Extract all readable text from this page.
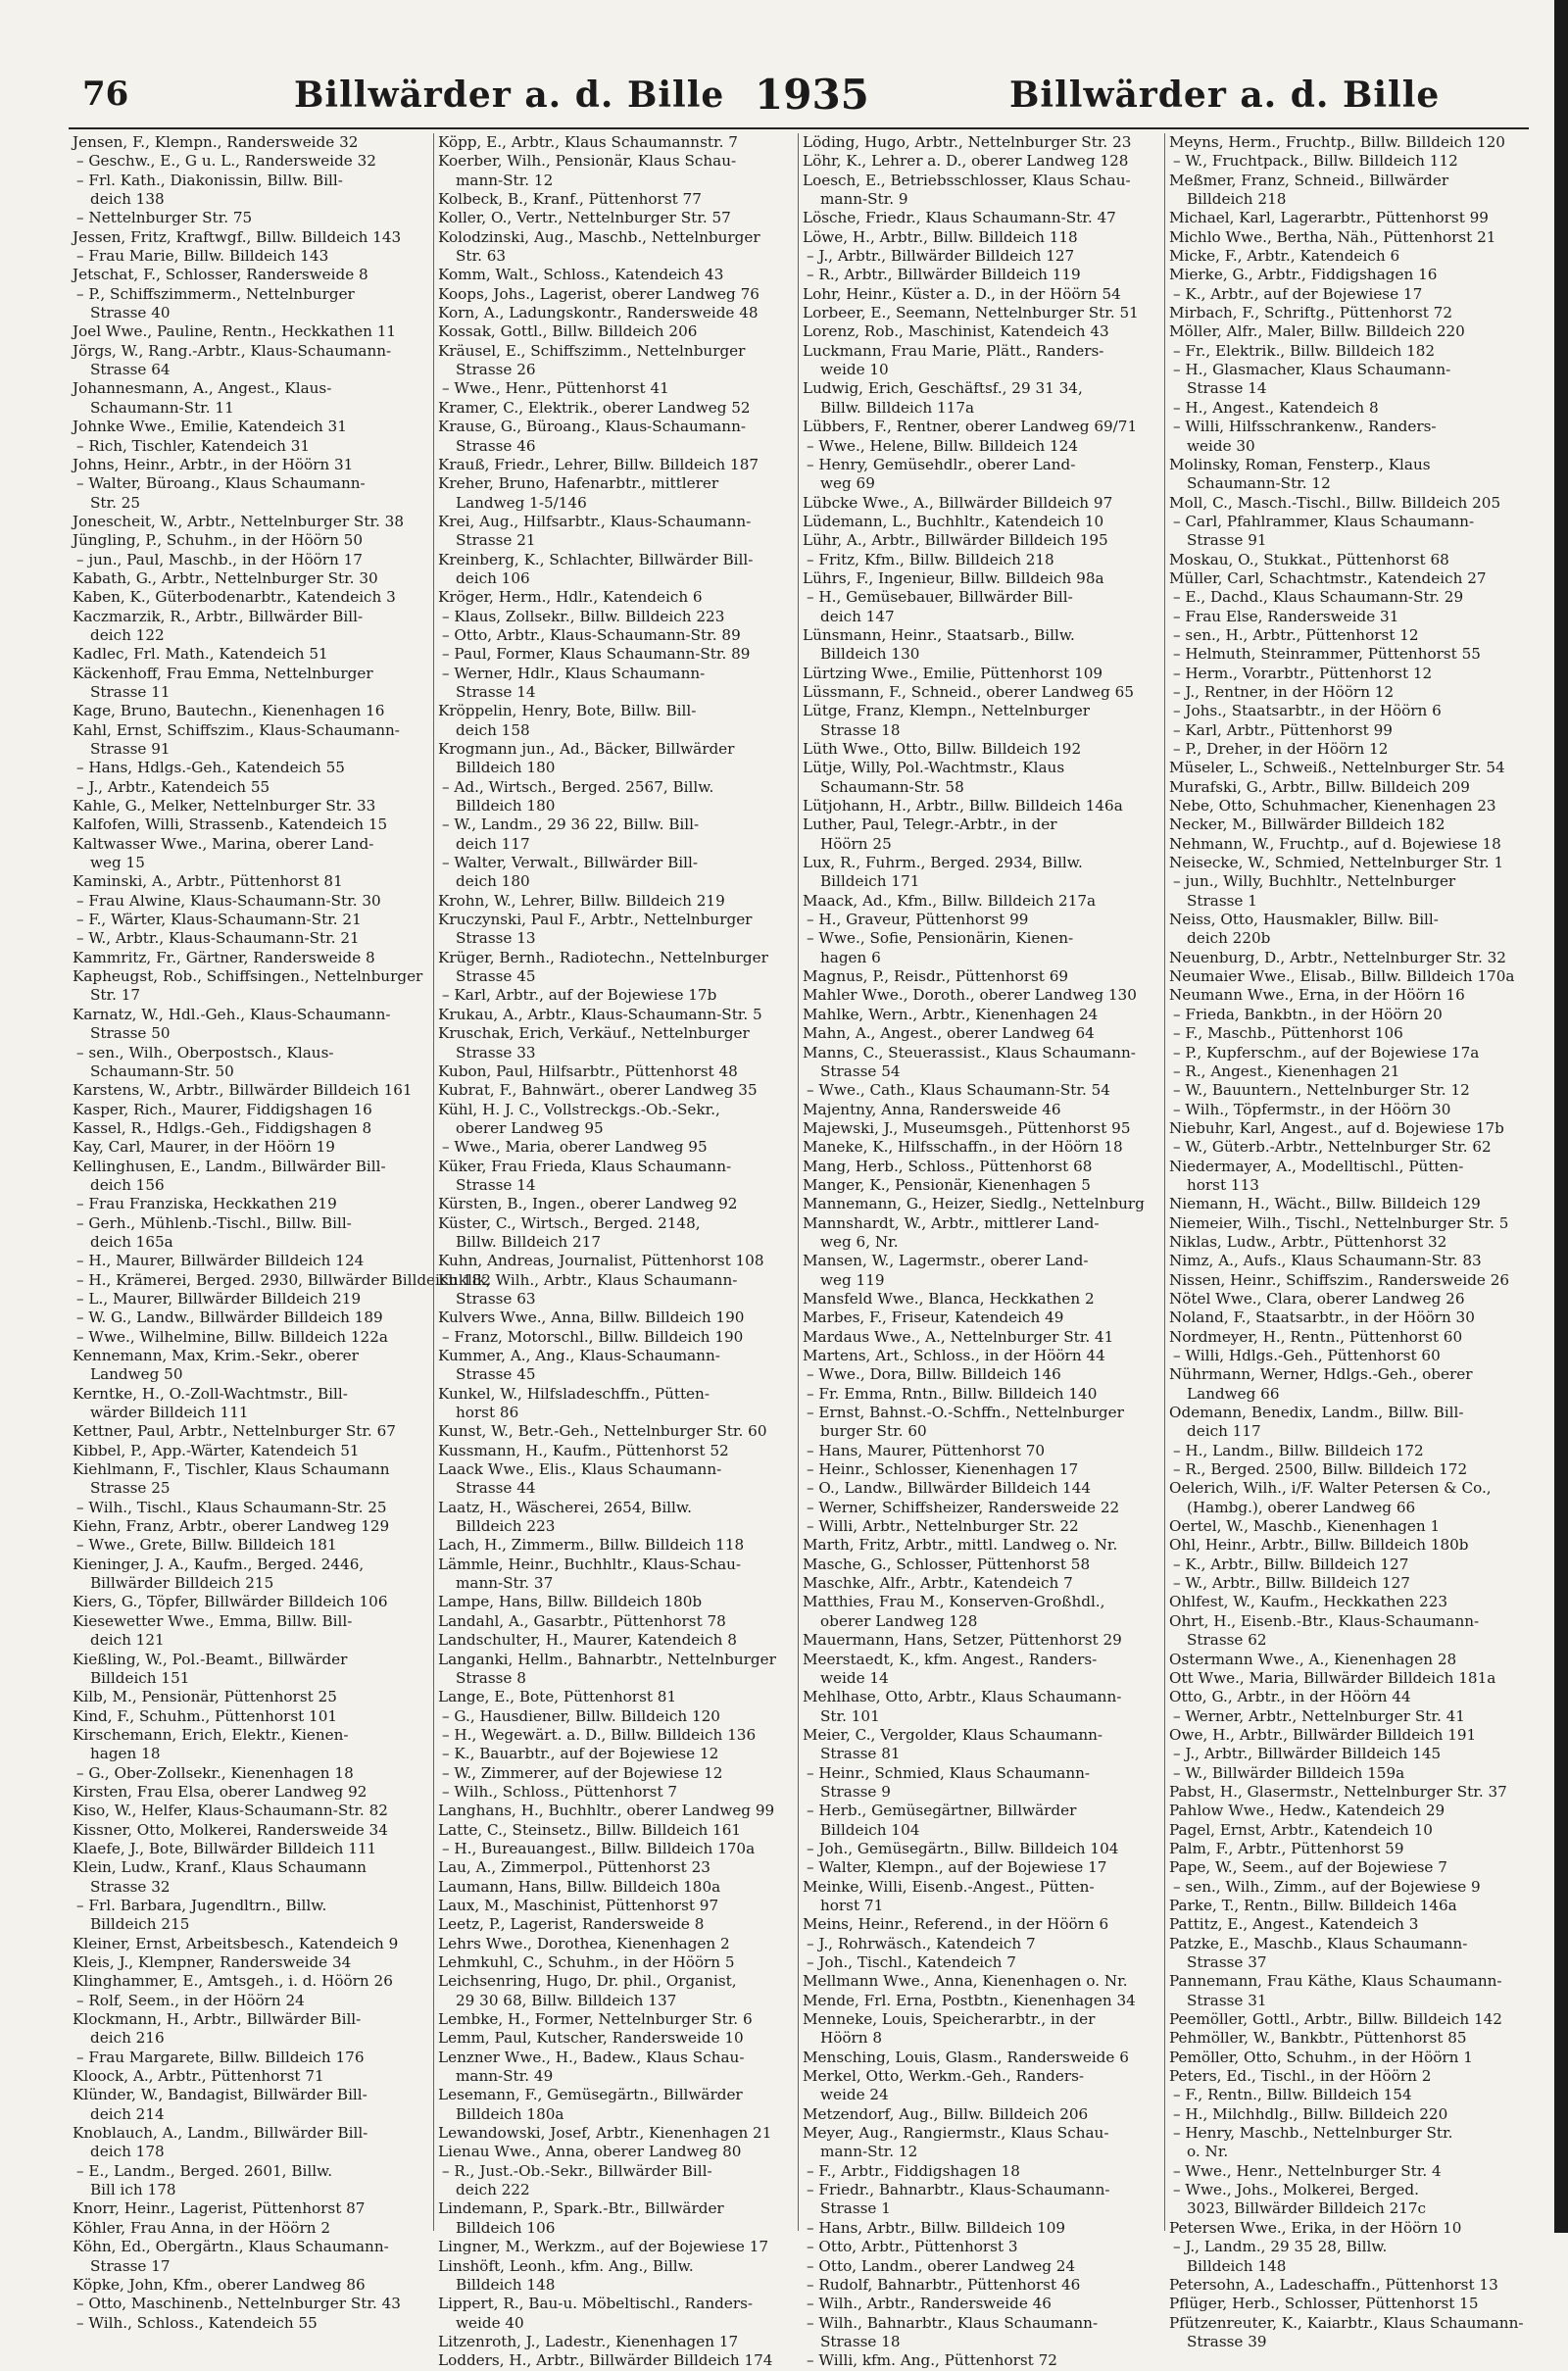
76	Billwärder a. d. Bille 1935	Billwärder a. d. Bille
Jensen, F., Klempn., Randersweide 32
– Geschw., E., G u. L., Randersweide 32
– Frl. Kath., Diakonissin, Billw. Bill-
deich 138
– Nettelnburger Str. 75
Jessen, Fritz, Kraftwgf., Billw. Billdeich 143
– Frau Marie, Billw. Billdeich 143
Jetschat, F., Schlosser, Randersweide 8
– P., Schiffszimmerm., Nettelnburger
Strasse 40
Joel Wwe., Pauline, Rentn., Heckkathen 11
Jörgs, W., Rang.-Arbtr., Klaus-Schaumann-
Strasse 64
Johannesmann, A., Angest., Klaus-
Schaumann-Str. 11
Johnke Wwe., Emilie, Katendeich 31
– Rich, Tischler, Katendeich 31
Johns, Heinr., Arbtr., in der Höörn 31
– Walter, Büroang., Klaus Schaumann-
Str. 25
Jonescheit, W., Arbtr., Nettelnburger Str. 38
Jüngling, P., Schuhm., in der Höörn 50
– jun., Paul, Maschb., in der Höörn 17
Kabath, G., Arbtr., Nettelnburger Str. 30
Kaben, K., Güterbodenarbtr., Katendeich 3
Kaczmarzik, R., Arbtr., Billwärder Bill-
deich 122
Kadlec, Frl. Math., Katendeich 51
Käckenhoff, Frau Emma, Nettelnburger
Strasse 11
Kage, Bruno, Bautechn., Kienenhagen 16
Kahl, Ernst, Schiffszim., Klaus-Schaumann-
Strasse 91
– Hans, Hdlgs.-Geh., Katendeich 55
– J., Arbtr., Katendeich 55
Kahle, G., Melker, Nettelnburger Str. 33
Kalfofen, Willi, Strassenb., Katendeich 15
Kaltwasser Wwe., Marina, oberer Land-
weg 15
Kaminski, A., Arbtr., Püttenhorst 81
– Frau Alwine, Klaus-Schaumann-Str. 30
– F., Wärter, Klaus-Schaumann-Str. 21
– W., Arbtr., Klaus-Schaumann-Str. 21
Kammritz, Fr., Gärtner, Randersweide 8
Kapheugst, Rob., Schiffsingen., Nettelnburger
Str. 17
Karnatz, W., Hdl.-Geh., Klaus-Schaumann-
Strasse 50
– sen., Wilh., Oberpostsch., Klaus-
Schaumann-Str. 50
Karstens, W., Arbtr., Billwärder Billdeich 161
Kasper, Rich., Maurer, Fiddigshagen 16
Kassel, R., Hdlgs.-Geh., Fiddigshagen 8
Kay, Carl, Maurer, in der Höörn 19
Kellinghusen, E., Landm., Billwärder Bill-
deich 156
– Frau Franziska, Heckkathen 219
– Gerh., Mühlenb.-Tischl., Billw. Bill-
deich 165a
– H., Maurer, Billwärder Billdeich 124
– H., Krämerei, Berged. 2930, Billwärder Billdeich 182
– L., Maurer, Billwärder Billdeich 219
– W. G., Landw., Billwärder Billdeich 189
– Wwe., Wilhelmine, Billw. Billdeich 122a
Kennemann, Max, Krim.-Sekr., oberer
Landweg 50
Kerntke, H., O.-Zoll-Wachtmstr., Bill-
wärder Billdeich 111
Kettner, Paul, Arbtr., Nettelnburger Str. 67
Kibbel, P., App.-Wärter, Katendeich 51
Kiehlmann, F., Tischler, Klaus Schaumann
Strasse 25
– Wilh., Tischl., Klaus Schaumann-Str. 25
Kiehn, Franz, Arbtr., oberer Landweg 129
– Wwe., Grete, Billw. Billdeich 181
Kieninger, J. A., Kaufm., Berged. 2446,
Billwärder Billdeich 215
Kiers, G., Töpfer, Billwärder Billdeich 106
Kiesewetter Wwe., Emma, Billw. Bill-
deich 121
Kießling, W., Pol.-Beamt., Billwärder
Billdeich 151
Kilb, M., Pensionär, Püttenhorst 25
Kind, F., Schuhm., Püttenhorst 101
Kirschemann, Erich, Elektr., Kienen-
hagen 18
– G., Ober-Zollsekr., Kienenhagen 18
Kirsten, Frau Elsa, oberer Landweg 92
Kiso, W., Helfer, Klaus-Schaumann-Str. 82
Kissner, Otto, Molkerei, Randersweide 34
Klaefe, J., Bote, Billwärder Billdeich 111
Klein, Ludw., Kranf., Klaus Schaumann
Strasse 32
– Frl. Barbara, Jugendltrn., Billw.
Billdeich 215
Kleiner, Ernst, Arbeitsbesch., Katendeich 9
Kleis, J., Klempner, Randersweide 34
Klinghammer, E., Amtsgeh., i. d. Höörn 26
– Rolf, Seem., in der Höörn 24
Klockmann, H., Arbtr., Billwärder Bill-
deich 216
– Frau Margarete, Billw. Billdeich 176
Kloock, A., Arbtr., Püttenhorst 71
Klünder, W., Bandagist, Billwärder Bill-
deich 214
Knoblauch, A., Landm., Billwärder Bill-
deich 178
– E., Landm., Berged. 2601, Billw.
Bill ich 178
Knorr, Heinr., Lagerist, Püttenhorst 87
Köhler, Frau Anna, in der Höörn 2
Köhn, Ed., Obergärtn., Klaus Schaumann-
Strasse 17
Köpke, John, Kfm., oberer Landweg 86
– Otto, Maschinenb., Nettelnburger Str. 43
– Wilh., Schloss., Katendeich 55
Köpp, E., Arbtr., Klaus Schaumannstr. 7
Koerber, Wilh., Pensionär, Klaus Schau-
mann-Str. 12
Kolbeck, B., Kranf., Püttenhorst 77
Koller, O., Vertr., Nettelnburger Str. 57
Kolodzinski, Aug., Maschb., Nettelnburger
Str. 63
Komm, Walt., Schloss., Katendeich 43
Koops, Johs., Lagerist, oberer Landweg 76
Korn, A., Ladungskontr., Randersweide 48
Kossak, Gottl., Billw. Billdeich 206
Kräusel, E., Schiffszimm., Nettelnburger
Strasse 26
– Wwe., Henr., Püttenhorst 41
Kramer, C., Elektrik., oberer Landweg 52
Krause, G., Büroang., Klaus-Schaumann-
Strasse 46
Krauß, Friedr., Lehrer, Billw. Billdeich 187
Kreher, Bruno, Hafenarbtr., mittlerer
Landweg 1-5/146
Krei, Aug., Hilfsarbtr., Klaus-Schaumann-
Strasse 21
Kreinberg, K., Schlachter, Billwärder Bill-
deich 106
Kröger, Herm., Hdlr., Katendeich 6
– Klaus, Zollsekr., Billw. Billdeich 223
– Otto, Arbtr., Klaus-Schaumann-Str. 89
– Paul, Former, Klaus Schaumann-Str. 89
– Werner, Hdlr., Klaus Schaumann-
Strasse 14
Kröppelin, Henry, Bote, Billw. Bill-
deich 158
Krogmann jun., Ad., Bäcker, Billwärder
Billdeich 180
– Ad., Wirtsch., Berged. 2567, Billw.
Billdeich 180
– W., Landm., 29 36 22, Billw. Bill-
deich 117
– Walter, Verwalt., Billwärder Bill-
deich 180
Krohn, W., Lehrer, Billw. Billdeich 219
Kruczynski, Paul F., Arbtr., Nettelnburger
Strasse 13
Krüger, Bernh., Radiotechn., Nettelnburger
Strasse 45
– Karl, Arbtr., auf der Bojewiese 17b
Krukau, A., Arbtr., Klaus-Schaumann-Str. 5
Kruschak, Erich, Verkäuf., Nettelnburger
Strasse 33
Kubon, Paul, Hilfsarbtr., Püttenhorst 48
Kubrat, F., Bahnwärt., oberer Landweg 35
Kühl, H. J. C., Vollstreckgs.-Ob.-Sekr.,
oberer Landweg 95
– Wwe., Maria, oberer Landweg 95
Küker, Frau Frieda, Klaus Schaumann-
Strasse 14
Kürsten, B., Ingen., oberer Landweg 92
Küster, C., Wirtsch., Berged. 2148,
Billw. Billdeich 217
Kuhn, Andreas, Journalist, Püttenhorst 108
Kuklik, Wilh., Arbtr., Klaus Schaumann-
Strasse 63
Kulvers Wwe., Anna, Billw. Billdeich 190
– Franz, Motorschl., Billw. Billdeich 190
Kummer, A., Ang., Klaus-Schaumann-
Strasse 45
Kunkel, W., Hilfsladeschffn., Pütten-
horst 86
Kunst, W., Betr.-Geh., Nettelnburger Str. 60
Kussmann, H., Kaufm., Püttenhorst 52
Laack Wwe., Elis., Klaus Schaumann-
Strasse 44
Laatz, H., Wäscherei, 2654, Billw.
Billdeich 223
Lach, H., Zimmerm., Billw. Billdeich 118
Lämmle, Heinr., Buchhltr., Klaus-Schau-
mann-Str. 37
Lampe, Hans, Billw. Billdeich 180b
Landahl, A., Gasarbtr., Püttenhorst 78
Landschulter, H., Maurer, Katendeich 8
Langanki, Hellm., Bahnarbtr., Nettelnburger
Strasse 8
Lange, E., Bote, Püttenhorst 81
– G., Hausdiener, Billw. Billdeich 120
– H., Wegewärt. a. D., Billw. Billdeich 136
– K., Bauarbtr., auf der Bojewiese 12
– W., Zimmerer, auf der Bojewiese 12
– Wilh., Schloss., Püttenhorst 7
Langhans, H., Buchhltr., oberer Landweg 99
Latte, C., Steinsetz., Billw. Billdeich 161
– H., Bureauangest., Billw. Billdeich 170a
Lau, A., Zimmerpol., Püttenhorst 23
Laumann, Hans, Billw. Billdeich 180a
Laux, M., Maschinist, Püttenhorst 97
Leetz, P., Lagerist, Randersweide 8
Lehrs Wwe., Dorothea, Kienenhagen 2
Lehmkuhl, C., Schuhm., in der Höörn 5
Leichsenring, Hugo, Dr. phil., Organist,
29 30 68, Billw. Billdeich 137
Lembke, H., Former, Nettelnburger Str. 6
Lemm, Paul, Kutscher, Randersweide 10
Lenzner Wwe., H., Badew., Klaus Schau-
mann-Str. 49
Lesemann, F., Gemüsegärtn., Billwärder
Billdeich 180a
Lewandowski, Josef, Arbtr., Kienenhagen 21
Lienau Wwe., Anna, oberer Landweg 80
– R., Just.-Ob.-Sekr., Billwärder Bill-
deich 222
Lindemann, P., Spark.-Btr., Billwärder
Billdeich 106
Lingner, M., Werkzm., auf der Bojewiese 17
Linshöft, Leonh., kfm. Ang., Billw.
Billdeich 148
Lippert, R., Bau-u. Möbeltischl., Randers-
weide 40
Litzenroth, J., Ladestr., Kienenhagen 17
Lodders, H., Arbtr., Billwärder Billdeich 174
Löding, Hugo, Arbtr., Nettelnburger Str. 23
Löhr, K., Lehrer a. D., oberer Landweg 128
Loesch, E., Betriebsschlosser, Klaus Schau-
mann-Str. 9
Lösche, Friedr., Klaus Schaumann-Str. 47
Löwe, H., Arbtr., Billw. Billdeich 118
– J., Arbtr., Billwärder Billdeich 127
– R., Arbtr., Billwärder Billdeich 119
Lohr, Heinr., Küster a. D., in der Höörn 54
Lorbeer, E., Seemann, Nettelnburger Str. 51
Lorenz, Rob., Maschinist, Katendeich 43
Luckmann, Frau Marie, Plätt., Randers-
weide 10
Ludwig, Erich, Geschäftsf., 29 31 34,
Billw. Billdeich 117a
Lübbers, F., Rentner, oberer Landweg 69/71
– Wwe., Helene, Billw. Billdeich 124
– Henry, Gemüsehdlr., oberer Land-
weg 69
Lübcke Wwe., A., Billwärder Billdeich 97
Lüdemann, L., Buchhltr., Katendeich 10
Lühr, A., Arbtr., Billwärder Billdeich 195
– Fritz, Kfm., Billw. Billdeich 218
Lührs, F., Ingenieur, Billw. Billdeich 98a
– H., Gemüsebauer, Billwärder Bill-
deich 147
Lünsmann, Heinr., Staatsarb., Billw.
Billdeich 130
Lürtzing Wwe., Emilie, Püttenhorst 109
Lüssmann, F., Schneid., oberer Landweg 65
Lütge, Franz, Klempn., Nettelnburger
Strasse 18
Lüth Wwe., Otto, Billw. Billdeich 192
Lütje, Willy, Pol.-Wachtmstr., Klaus
Schaumann-Str. 58
Lütjohann, H., Arbtr., Billw. Billdeich 146a
Luther, Paul, Telegr.-Arbtr., in der
Höörn 25
Lux, R., Fuhrm., Berged. 2934, Billw.
Billdeich 171
Maack, Ad., Kfm., Billw. Billdeich 217a
– H., Graveur, Püttenhorst 99
– Wwe., Sofie, Pensionärin, Kienen-
hagen 6
Magnus, P., Reisdr., Püttenhorst 69
Mahler Wwe., Doroth., oberer Landweg 130
Mahlke, Wern., Arbtr., Kienenhagen 24
Mahn, A., Angest., oberer Landweg 64
Manns, C., Steuerassist., Klaus Schaumann-
Strasse 54
– Wwe., Cath., Klaus Schaumann-Str. 54
Majentny, Anna, Randersweide 46
Majewski, J., Museumsgeh., Püttenhorst 95
Maneke, K., Hilfsschaffn., in der Höörn 18
Mang, Herb., Schloss., Püttenhorst 68
Manger, K., Pensionär, Kienenhagen 5
Mannemann, G., Heizer, Siedlg., Nettelnburg
Mannshardt, W., Arbtr., mittlerer Land-
weg 6, Nr.
Mansen, W., Lagermstr., oberer Land-
weg 119
Mansfeld Wwe., Blanca, Heckkathen 2
Marbes, F., Friseur, Katendeich 49
Mardaus Wwe., A., Nettelnburger Str. 41
Martens, Art., Schloss., in der Höörn 44
– Wwe., Dora, Billw. Billdeich 146
– Fr. Emma, Rntn., Billw. Billdeich 140
– Ernst, Bahnst.-O.-Schffn., Nettelnburger
burger Str. 60
– Hans, Maurer, Püttenhorst 70
– Heinr., Schlosser, Kienenhagen 17
– O., Landw., Billwärder Billdeich 144
– Werner, Schiffsheizer, Randersweide 22
– Willi, Arbtr., Nettelnburger Str. 22
Marth, Fritz, Arbtr., mittl. Landweg o. Nr.
Masche, G., Schlosser, Püttenhorst 58
Maschke, Alfr., Arbtr., Katendeich 7
Matthies, Frau M., Konserven-Großhdl.,
oberer Landweg 128
Mauermann, Hans, Setzer, Püttenhorst 29
Meerstaedt, K., kfm. Angest., Randers-
weide 14
Mehlhase, Otto, Arbtr., Klaus Schaumann-
Str. 101
Meier, C., Vergolder, Klaus Schaumann-
Strasse 81
– Heinr., Schmied, Klaus Schaumann-
Strasse 9
– Herb., Gemüsegärtner, Billwärder
Billdeich 104
– Joh., Gemüsegärtn., Billw. Billdeich 104
– Walter, Klempn., auf der Bojewiese 17
Meinke, Willi, Eisenb.-Angest., Pütten-
horst 71
Meins, Heinr., Referend., in der Höörn 6
– J., Rohrwäsch., Katendeich 7
– Joh., Tischl., Katendeich 7
Mellmann Wwe., Anna, Kienenhagen o. Nr.
Mende, Frl. Erna, Postbtn., Kienenhagen 34
Menneke, Louis, Speicherarbtr., in der
Höörn 8
Mensching, Louis, Glasm., Randersweide 6
Merkel, Otto, Werkm.-Geh., Randers-
weide 24
Metzendorf, Aug., Billw. Billdeich 206
Meyer, Aug., Rangiermstr., Klaus Schau-
mann-Str. 12
– F., Arbtr., Fiddigshagen 18
– Friedr., Bahnarbtr., Klaus-Schaumann-
Strasse 1
– Hans, Arbtr., Billw. Billdeich 109
– Otto, Arbtr., Püttenhorst 3
– Otto, Landm., oberer Landweg 24
– Rudolf, Bahnarbtr., Püttenhorst 46
– Wilh., Arbtr., Randersweide 46
– Wilh., Bahnarbtr., Klaus Schaumann-
Strasse 18
– Willi, kfm. Ang., Püttenhorst 72
Meyns, Herm., Fruchtp., Billw. Billdeich 120
– W., Fruchtpack., Billw. Billdeich 112
Meßmer, Franz, Schneid., Billwärder
Billdeich 218
Michael, Karl, Lagerarbtr., Püttenhorst 99
Michlo Wwe., Bertha, Näh., Püttenhorst 21
Micke, F., Arbtr., Katendeich 6
Mierke, G., Arbtr., Fiddigshagen 16
– K., Arbtr., auf der Bojewiese 17
Mirbach, F., Schriftg., Püttenhorst 72
Möller, Alfr., Maler, Billw. Billdeich 220
– Fr., Elektrik., Billw. Billdeich 182
– H., Glasmacher, Klaus Schaumann-
Strasse 14
– H., Angest., Katendeich 8
– Willi, Hilfsschrankenw., Randers-
weide 30
Molinsky, Roman, Fensterp., Klaus
Schaumann-Str. 12
Moll, C., Masch.-Tischl., Billw. Billdeich 205
– Carl, Pfahlrammer, Klaus Schaumann-
Strasse 91
Moskau, O., Stukkat., Püttenhorst 68
Müller, Carl, Schachtmstr., Katendeich 27
– E., Dachd., Klaus Schaumann-Str. 29
– Frau Else, Randersweide 31
– sen., H., Arbtr., Püttenhorst 12
– Helmuth, Steinrammer, Püttenhorst 55
– Herm., Vorarbtr., Püttenhorst 12
– J., Rentner, in der Höörn 12
– Johs., Staatsarbtr., in der Höörn 6
– Karl, Arbtr., Püttenhorst 99
– P., Dreher, in der Höörn 12
Müseler, L., Schweiß., Nettelnburger Str. 54
Murafski, G., Arbtr., Billw. Billdeich 209
Nebe, Otto, Schuhmacher, Kienenhagen 23
Necker, M., Billwärder Billdeich 182
Nehmann, W., Fruchtp., auf d. Bojewiese 18
Neisecke, W., Schmied, Nettelnburger Str. 1
– jun., Willy, Buchhltr., Nettelnburger
Strasse 1
Neiss, Otto, Hausmakler, Billw. Bill-
deich 220b
Neuenburg, D., Arbtr., Nettelnburger Str. 32
Neumaier Wwe., Elisab., Billw. Billdeich 170a
Neumann Wwe., Erna, in der Höörn 16
– Frieda, Bankbtn., in der Höörn 20
– F., Maschb., Püttenhorst 106
– P., Kupferschm., auf der Bojewiese 17a
– R., Angest., Kienenhagen 21
– W., Bauuntern., Nettelnburger Str. 12
– Wilh., Töpfermstr., in der Höörn 30
Niebuhr, Karl, Angest., auf d. Bojewiese 17b
– W., Güterb.-Arbtr., Nettelnburger Str. 62
Niedermayer, A., Modelltischl., Pütten-
horst 113
Niemann, H., Wächt., Billw. Billdeich 129
Niemeier, Wilh., Tischl., Nettelnburger Str. 5
Niklas, Ludw., Arbtr., Püttenhorst 32
Nimz, A., Aufs., Klaus Schaumann-Str. 83
Nissen, Heinr., Schiffszim., Randersweide 26
Nötel Wwe., Clara, oberer Landweg 26
Noland, F., Staatsarbtr., in der Höörn 30
Nordmeyer, H., Rentn., Püttenhorst 60
– Willi, Hdlgs.-Geh., Püttenhorst 60
Nührmann, Werner, Hdlgs.-Geh., oberer
Landweg 66
Odemann, Benedix, Landm., Billw. Bill-
deich 117
– H., Landm., Billw. Billdeich 172
– R., Berged. 2500, Billw. Billdeich 172
Oelerich, Wilh., i/F. Walter Petersen & Co.,
(Hambg.), oberer Landweg 66
Oertel, W., Maschb., Kienenhagen 1
Ohl, Heinr., Arbtr., Billw. Billdeich 180b
– K., Arbtr., Billw. Billdeich 127
– W., Arbtr., Billw. Billdeich 127
Ohlfest, W., Kaufm., Heckkathen 223
Ohrt, H., Eisenb.-Btr., Klaus-Schaumann-
Strasse 62
Ostermann Wwe., A., Kienenhagen 28
Ott Wwe., Maria, Billwärder Billdeich 181a
Otto, G., Arbtr., in der Höörn 44
– Werner, Arbtr., Nettelnburger Str. 41
Owe, H., Arbtr., Billwärder Billdeich 191
– J., Arbtr., Billwärder Billdeich 145
– W., Billwärder Billdeich 159a
Pabst, H., Glasermstr., Nettelnburger Str. 37
Pahlow Wwe., Hedw., Katendeich 29
Pagel, Ernst, Arbtr., Katendeich 10
Palm, F., Arbtr., Püttenhorst 59
Pape, W., Seem., auf der Bojewiese 7
– sen., Wilh., Zimm., auf der Bojewiese 9
Parke, T., Rentn., Billw. Billdeich 146a
Pattitz, E., Angest., Katendeich 3
Patzke, E., Maschb., Klaus Schaumann-
Strasse 37
Pannemann, Frau Käthe, Klaus Schaumann-
Strasse 31
Peemöller, Gottl., Arbtr., Billw. Billdeich 142
Pehmöller, W., Bankbtr., Püttenhorst 85
Pemöller, Otto, Schuhm., in der Höörn 1
Peters, Ed., Tischl., in der Höörn 2
– F., Rentn., Billw. Billdeich 154
– H., Milchhdlg., Billw. Billdeich 220
– Henry, Maschb., Nettelnburger Str.
o. Nr.
– Wwe., Henr., Nettelnburger Str. 4
– Wwe., Johs., Molkerei, Berged.
3023, Billwärder Billdeich 217c
Petersen Wwe., Erika, in der Höörn 10
– J., Landm., 29 35 28, Billw.
Billdeich 148
Petersohn, A., Ladeschaffn., Püttenhorst 13
Pflüger, Herb., Schlosser, Püttenhorst 15
Pfützenreuter, K., Kaiarbtr., Klaus Schaumann-
Strasse 39
